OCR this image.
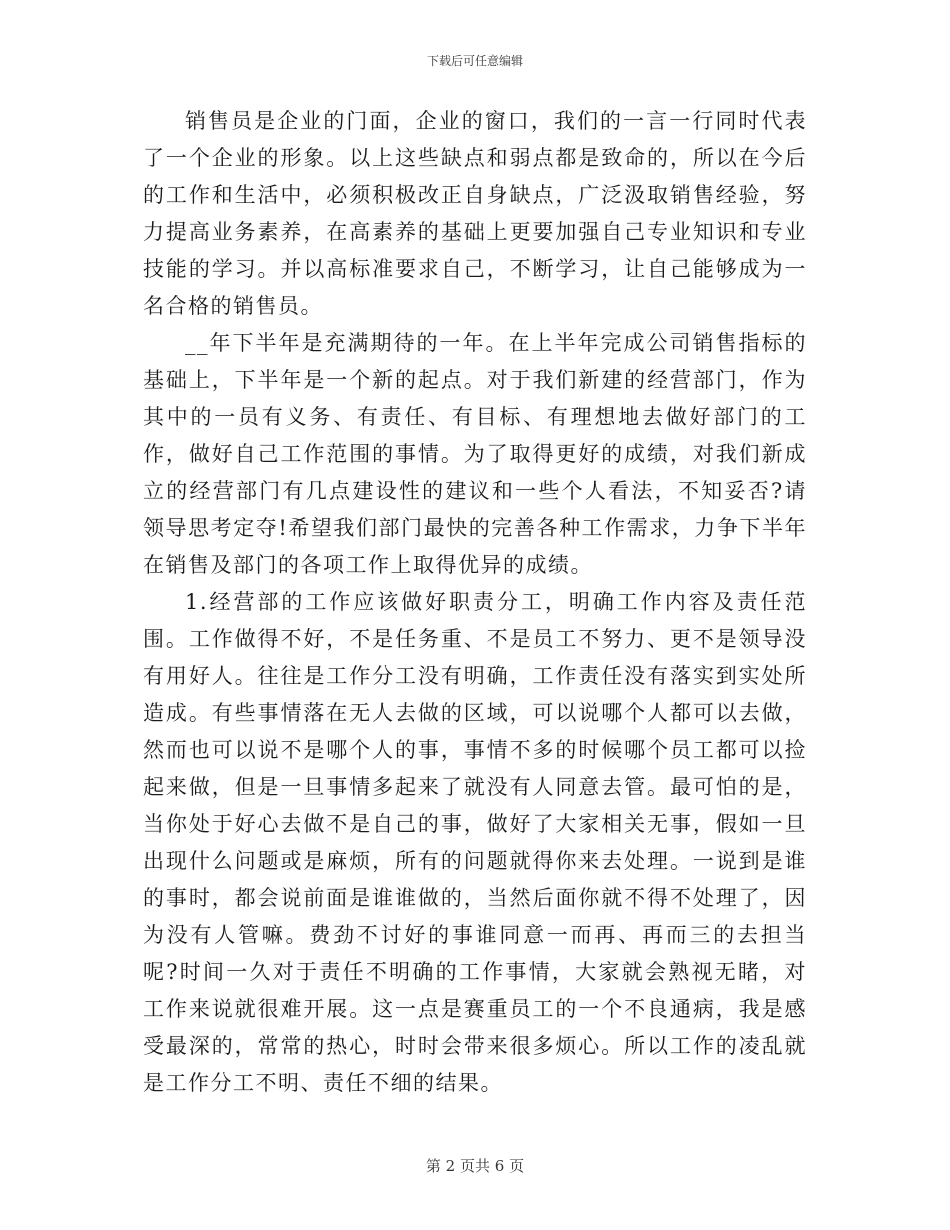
下载后可任意编辑

销售员是企业的门面，企业的窗口，我们的一言一行同时代表了一个企业的形象。以上这些缺点和弱点都是致命的，所以在今后的工作和生活中，必须积极改正自身缺点，广泛汲取销售经验，努力提高业务素养，在高素养的基础上更要加强自己专业知识和专业技能的学习。并以高标准要求自己，不断学习，让自己能够成为一名合格的销售员。

__年下半年是充满期待的一年。在上半年完成公司销售指标的基础上，下半年是一个新的起点。对于我们新建的经营部门，作为其中的一员有义务、有责任、有目标、有理想地去做好部门的工作，做好自己工作范围的事情。为了取得更好的成绩，对我们新成立的经营部门有几点建设性的建议和一些个人看法，不知妥否?请领导思考定夺!希望我们部门最快的完善各种工作需求，力争下半年在销售及部门的各项工作上取得优异的成绩。

1.经营部的工作应该做好职责分工，明确工作内容及责任范围。工作做得不好，不是任务重、不是员工不努力、更不是领导没有用好人。往往是工作分工没有明确，工作责任没有落实到实处所造成。有些事情落在无人去做的区域，可以说哪个人都可以去做，然而也可以说不是哪个人的事，事情不多的时候哪个员工都可以捡起来做，但是一旦事情多起来了就没有人同意去管。最可怕的是，当你处于好心去做不是自己的事，做好了大家相关无事，假如一旦出现什么问题或是麻烦，所有的问题就得你来去处理。一说到是谁的事时，都会说前面是谁谁做的，当然后面你就不得不处理了，因为没有人管嘛。费劲不讨好的事谁同意一而再、再而三的去担当呢?时间一久对于责任不明确的工作事情，大家就会熟视无睹，对工作来说就很难开展。这一点是赛重员工的一个不良通病，我是感受最深的，常常的热心，时时会带来很多烦心。所以工作的凌乱就是工作分工不明、责任不细的结果。

第 2 页共 6 页
